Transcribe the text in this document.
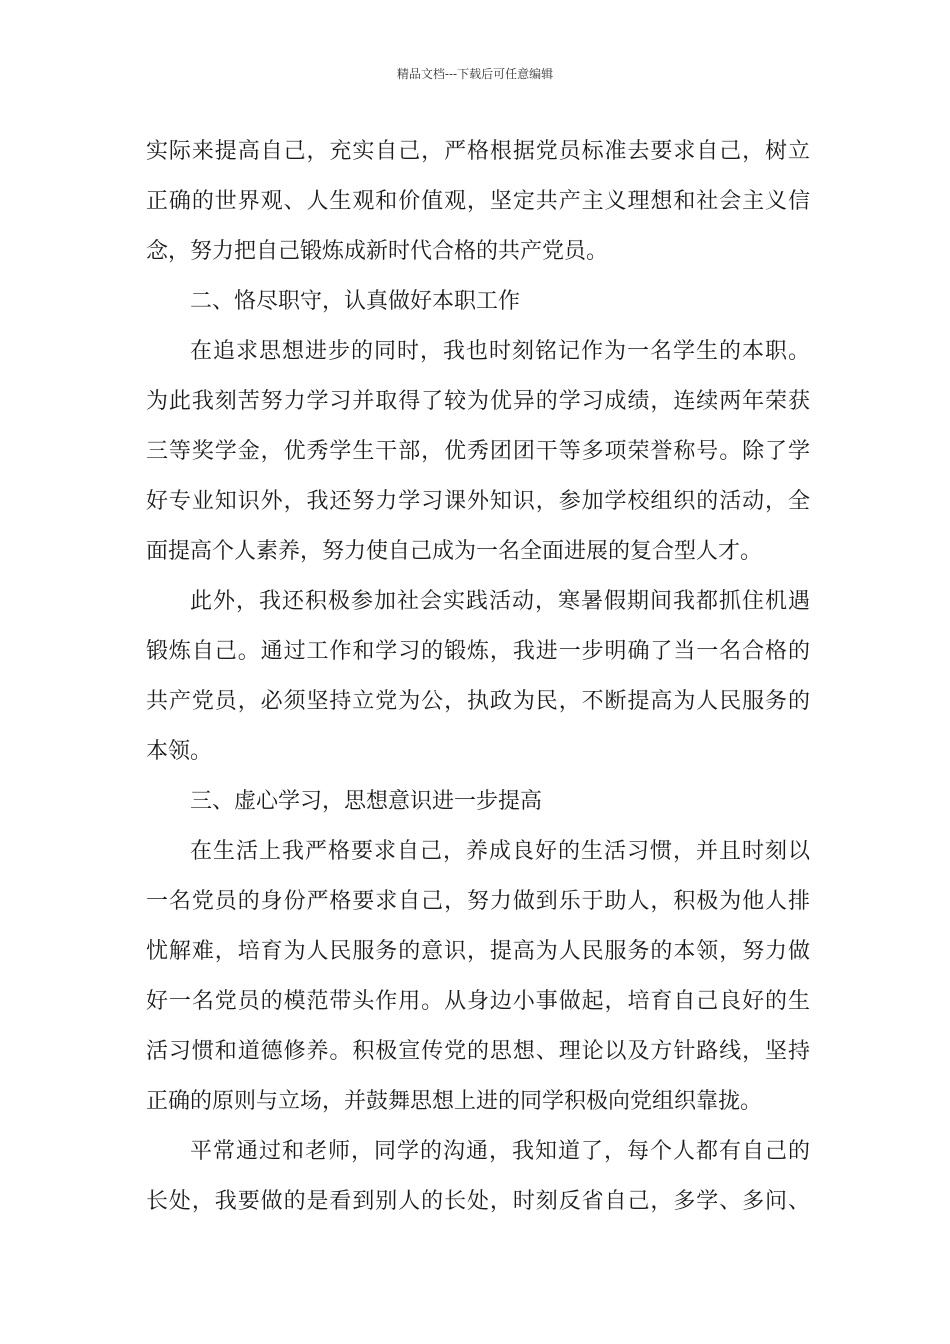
精品文档---下载后可任意编辑
实际来提高自己，充实自己，严格根据党员标准去要求自己，树立
正确的世界观、人生观和价值观，坚定共产主义理想和社会主义信
念，努力把自己锻炼成新时代合格的共产党员。
二、恪尽职守，认真做好本职工作
在追求思想进步的同时，我也时刻铭记作为一名学生的本职。
为此我刻苦努力学习并取得了较为优异的学习成绩，连续两年荣获
三等奖学金，优秀学生干部，优秀团团干等多项荣誉称号。除了学
好专业知识外，我还努力学习课外知识，参加学校组织的活动，全
面提高个人素养，努力使自己成为一名全面进展的复合型人才。
此外，我还积极参加社会实践活动，寒暑假期间我都抓住机遇
锻炼自己。通过工作和学习的锻炼，我进一步明确了当一名合格的
共产党员，必须坚持立党为公，执政为民，不断提高为人民服务的
本领。
三、虚心学习，思想意识进一步提高
在生活上我严格要求自己，养成良好的生活习惯，并且时刻以
一名党员的身份严格要求自己，努力做到乐于助人，积极为他人排
忧解难，培育为人民服务的意识，提高为人民服务的本领，努力做
好一名党员的模范带头作用。从身边小事做起，培育自己良好的生
活习惯和道德修养。积极宣传党的思想、理论以及方针路线，坚持
正确的原则与立场，并鼓舞思想上进的同学积极向党组织靠拢。
平常通过和老师，同学的沟通，我知道了，每个人都有自己的
长处，我要做的是看到别人的长处，时刻反省自己，多学、多问、
